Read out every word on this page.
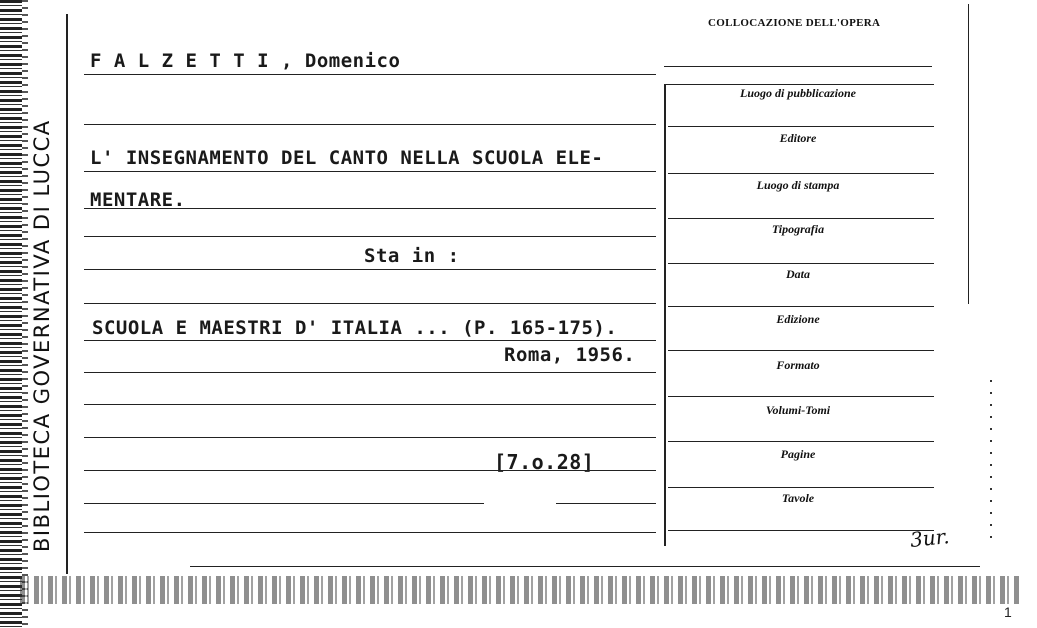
BIBLIOTECA GOVERNATIVA DI LUCCA
COLLOCAZIONE DELL'OPERA
F A L Z E T T I , Domenico
L' INSEGNAMENTO DEL CANTO NELLA SCUOLA ELE-
MENTARE.
Sta in :
SCUOLA E MAESTRI D' ITALIA ... (P. 165-175).
Roma, 1956.
[7.o.28]
Luogo di pubblicazione
Editore
Luogo di stampa
Tipografia
Data
Edizione
Formato
Volumi-Tomi
Pagine
Tavole
3ur.
1
